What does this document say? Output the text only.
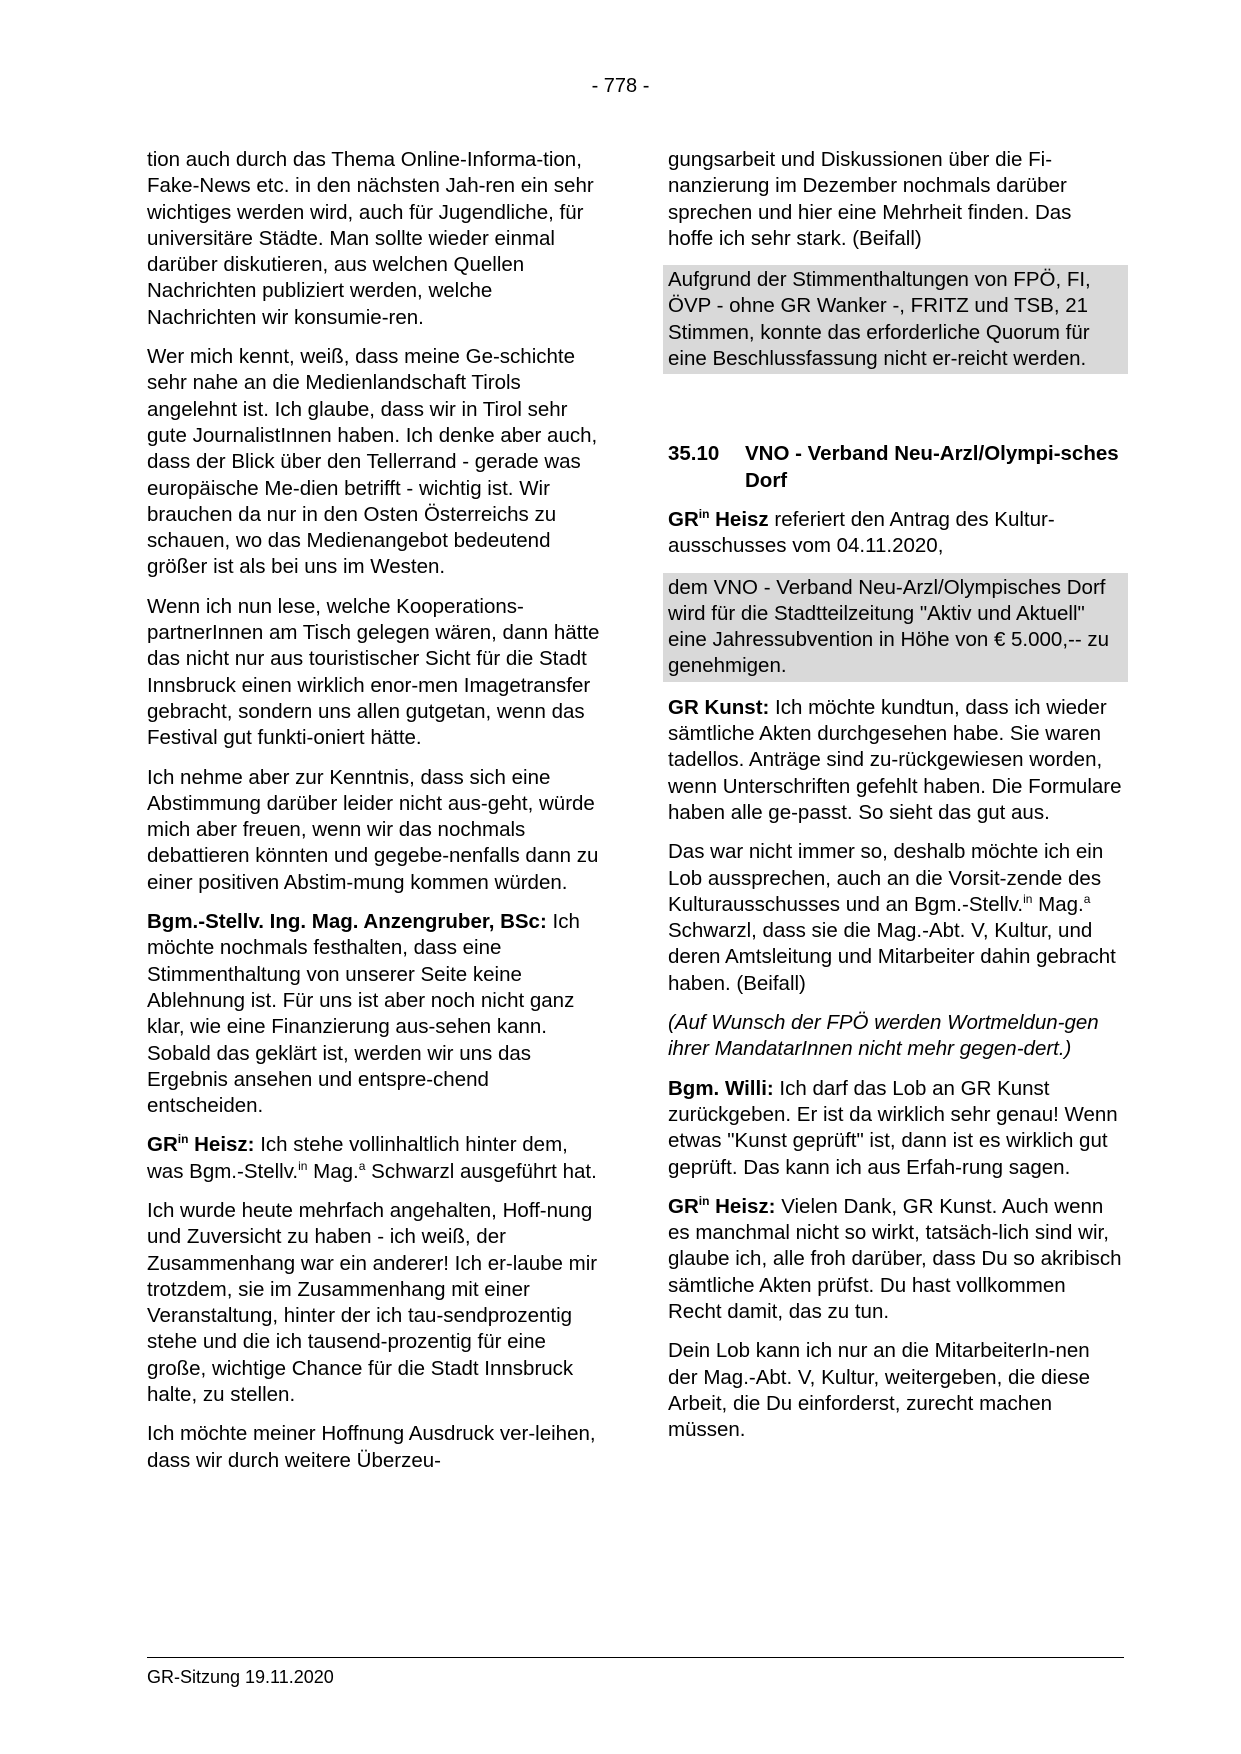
- 778 -

tion auch durch das Thema Online-Informa-tion, Fake-News etc. in den nächsten Jah-ren ein sehr wichtiges werden wird, auch für Jugendliche, für universitäre Städte. Man sollte wieder einmal darüber diskutieren, aus welchen Quellen Nachrichten publiziert werden, welche Nachrichten wir konsumie-ren.

Wer mich kennt, weiß, dass meine Ge-schichte sehr nahe an die Medienlandschaft Tirols angelehnt ist. Ich glaube, dass wir in Tirol sehr gute JournalistInnen haben. Ich denke aber auch, dass der Blick über den Tellerrand - gerade was europäische Me-dien betrifft - wichtig ist. Wir brauchen da nur in den Osten Österreichs zu schauen, wo das Medienangebot bedeutend größer ist als bei uns im Westen.

Wenn ich nun lese, welche Kooperations-partnerInnen am Tisch gelegen wären, dann hätte das nicht nur aus touristischer Sicht für die Stadt Innsbruck einen wirklich enor-men Imagetransfer gebracht, sondern uns allen gutgetan, wenn das Festival gut funkti-oniert hätte.

Ich nehme aber zur Kenntnis, dass sich eine Abstimmung darüber leider nicht aus-geht, würde mich aber freuen, wenn wir das nochmals debattieren könnten und gegebe-nenfalls dann zu einer positiven Abstim-mung kommen würden.

Bgm.-Stellv. Ing. Mag. Anzengruber, BSc: Ich möchte nochmals festhalten, dass eine Stimmenthaltung von unserer Seite keine Ablehnung ist. Für uns ist aber noch nicht ganz klar, wie eine Finanzierung aus-sehen kann. Sobald das geklärt ist, werden wir uns das Ergebnis ansehen und entspre-chend entscheiden.

$GR^{in}$ Heisz: Ich stehe vollinhaltlich hinter dem, was Bgm.-Stellv.$^{in}$ Mag.$^a$ Schwarzl ausgeführt hat.

Ich wurde heute mehrfach angehalten, Hoff-nung und Zuversicht zu haben - ich weiß, der Zusammenhang war ein anderer! Ich er-laube mir trotzdem, sie im Zusammenhang mit einer Veranstaltung, hinter der ich tau-sendprozentig stehe und die ich tausend-prozentig für eine große, wichtige Chance für die Stadt Innsbruck halte, zu stellen.

Ich möchte meiner Hoffnung Ausdruck ver-leihen, dass wir durch weitere Überzeu-

gungsarbeit und Diskussionen über die Fi-nanzierung im Dezember nochmals darüber sprechen und hier eine Mehrheit finden. Das hoffe ich sehr stark. (Beifall)

Aufgrund der Stimmenthaltungen von FPÖ, FI, ÖVP - ohne GR Wanker -, FRITZ und TSB, 21 Stimmen, konnte das erforderliche Quorum für eine Beschlussfassung nicht er-reicht werden.

35.10	VNO - Verband Neu-Arzl/Olympi-sches Dorf

$GR^{in}$ Heisz referiert den Antrag des Kultur-ausschusses vom 04.11.2020,

dem VNO - Verband Neu-Arzl/Olympisches Dorf wird für die Stadtteilzeitung "Aktiv und Aktuell" eine Jahressubvention in Höhe von € 5.000,-- zu genehmigen.

GR Kunst: Ich möchte kundtun, dass ich wieder sämtliche Akten durchgesehen habe. Sie waren tadellos. Anträge sind zu-rückgewiesen worden, wenn Unterschriften gefehlt haben. Die Formulare haben alle ge-passt. So sieht das gut aus.

Das war nicht immer so, deshalb möchte ich ein Lob aussprechen, auch an die Vorsit-zende des Kulturausschusses und an Bgm.-Stellv.$^{in}$ Mag.$^a$ Schwarzl, dass sie die Mag.-Abt. V, Kultur, und deren Amtsleitung und Mitarbeiter dahin gebracht haben. (Beifall)

(Auf Wunsch der FPÖ werden Wortmeldun-gen ihrer MandatarInnen nicht mehr gegen-dert.)

Bgm. Willi: Ich darf das Lob an GR Kunst zurückgeben. Er ist da wirklich sehr genau! Wenn etwas "Kunst geprüft" ist, dann ist es wirklich gut geprüft. Das kann ich aus Erfah-rung sagen.

$GR^{in}$ Heisz: Vielen Dank, GR Kunst. Auch wenn es manchmal nicht so wirkt, tatsäch-lich sind wir, glaube ich, alle froh darüber, dass Du so akribisch sämtliche Akten prüfst. Du hast vollkommen Recht damit, das zu tun.

Dein Lob kann ich nur an die MitarbeiterIn-nen der Mag.-Abt. V, Kultur, weitergeben, die diese Arbeit, die Du einforderst, zurecht machen müssen.

GR-Sitzung 19.11.2020
